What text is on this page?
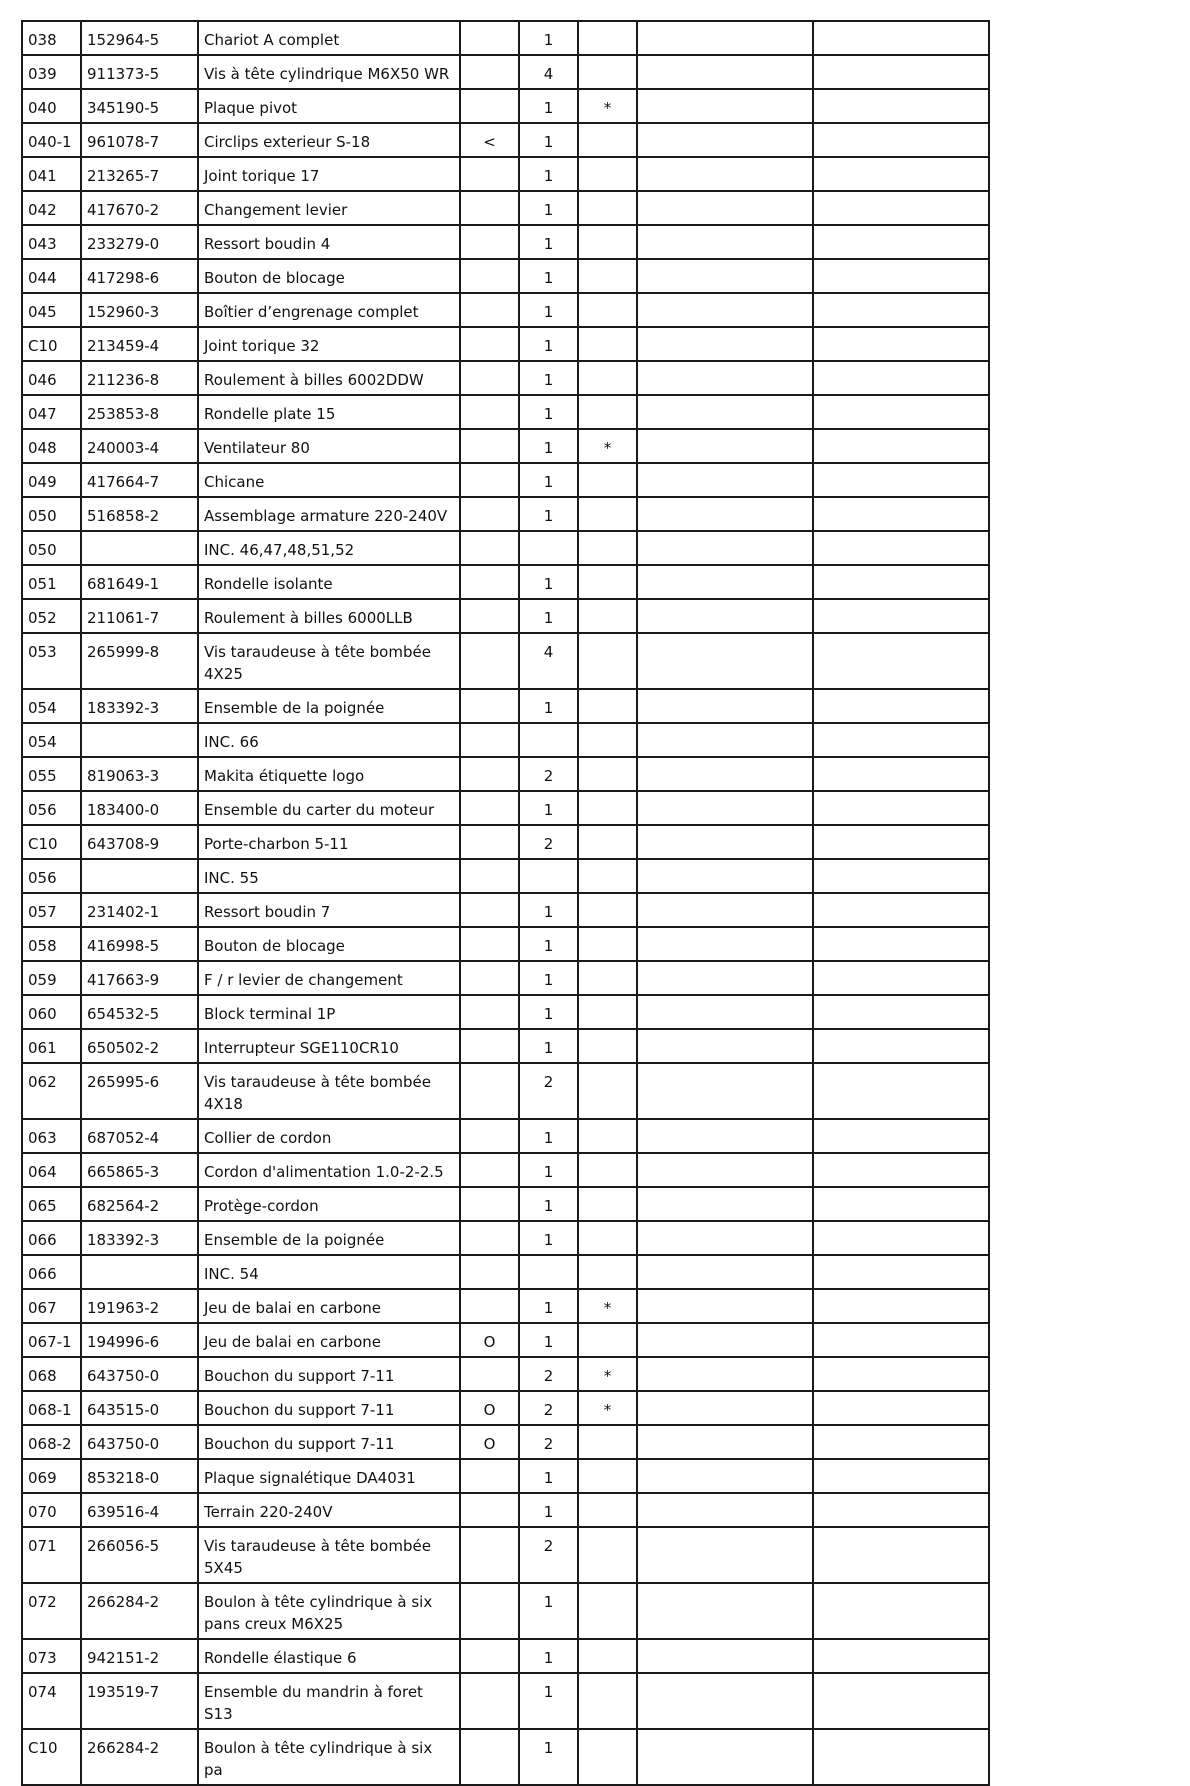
038	152964-5	Chariot A complet		1			
039	911373-5	Vis à tête cylindrique M6X50 WR		4			
040	345190-5	Plaque pivot		1	*		
040-1	961078-7	Circlips exterieur S-18	<	1			
041	213265-7	Joint torique 17		1			
042	417670-2	Changement levier		1			
043	233279-0	Ressort boudin 4		1			
044	417298-6	Bouton de blocage		1			
045	152960-3	Boîtier d’engrenage complet		1			
C10	213459-4	Joint torique 32		1			
046	211236-8	Roulement à billes 6002DDW		1			
047	253853-8	Rondelle plate 15		1			
048	240003-4	Ventilateur 80		1	*		
049	417664-7	Chicane		1			
050	516858-2	Assemblage armature 220-240V		1			
050		INC. 46,47,48,51,52					
051	681649-1	Rondelle isolante		1			
052	211061-7	Roulement à billes 6000LLB		1			
053	265999-8	Vis taraudeuse à tête bombée 4X25		4			
054	183392-3	Ensemble de la poignée		1			
054		INC. 66					
055	819063-3	Makita étiquette logo		2			
056	183400-0	Ensemble du carter du moteur		1			
C10	643708-9	Porte-charbon 5-11		2			
056		INC. 55					
057	231402-1	Ressort boudin 7		1			
058	416998-5	Bouton de blocage		1			
059	417663-9	F / r levier de changement		1			
060	654532-5	Block terminal 1P		1			
061	650502-2	Interrupteur SGE110CR10		1			
062	265995-6	Vis taraudeuse à tête bombée 4X18		2			
063	687052-4	Collier de cordon		1			
064	665865-3	Cordon d'alimentation 1.0-2-2.5		1			
065	682564-2	Protège-cordon		1			
066	183392-3	Ensemble de la poignée		1			
066		INC. 54					
067	191963-2	Jeu de balai en carbone		1	*		
067-1	194996-6	Jeu de balai en carbone	O	1			
068	643750-0	Bouchon du support 7-11		2	*		
068-1	643515-0	Bouchon du support 7-11	O	2	*		
068-2	643750-0	Bouchon du support 7-11	O	2			
069	853218-0	Plaque signalétique DA4031		1			
070	639516-4	Terrain 220-240V		1			
071	266056-5	Vis taraudeuse à tête bombée 5X45		2			
072	266284-2	Boulon à tête cylindrique à six pans creux M6X25		1			
073	942151-2	Rondelle élastique 6		1			
074	193519-7	Ensemble du mandrin à foret S13		1			
C10	266284-2	Boulon à tête cylindrique à six pa		1			
